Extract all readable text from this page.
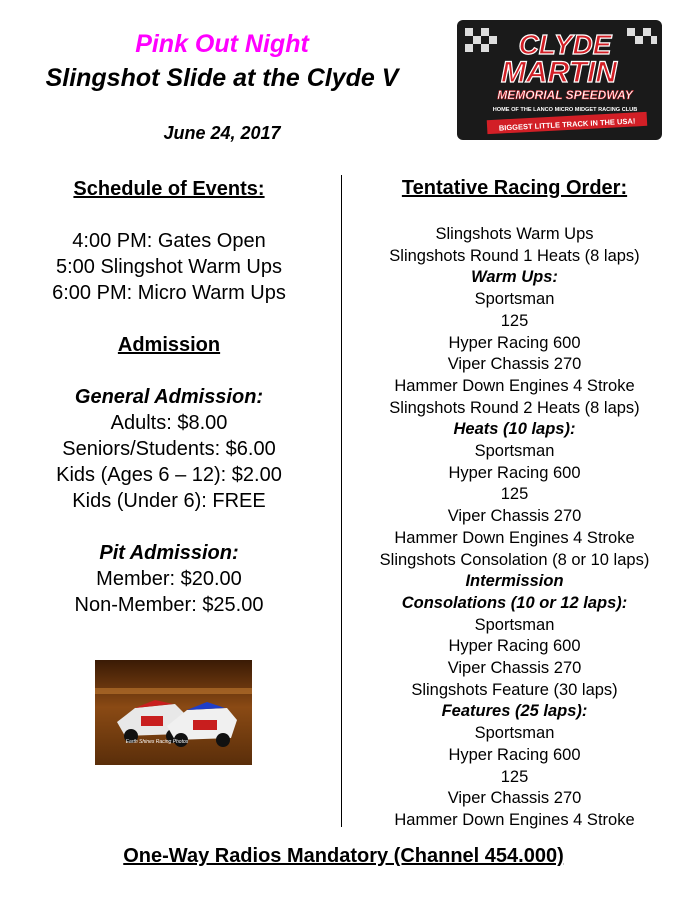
Pink Out Night
Slingshot Slide at the Clyde V
June 24, 2017
CLYDE
MARTIN
MEMORIAL SPEEDWAY
HOME OF THE LANCO MICRO MIDGET RACING CLUB
BIGGEST LITTLE TRACK IN THE USA!
Schedule of Events:
4:00 PM: Gates Open
5:00 Slingshot Warm Ups
6:00 PM: Micro Warm Ups
Admission
General Admission:
Adults: $8.00
Seniors/Students: $6.00
Kids (Ages 6 – 12): $2.00
Kids (Under 6): FREE
Pit Admission:
Member: $20.00
Non-Member: $25.00
Earth Shines Racing Photos
Tentative Racing Order:
Slingshots Warm Ups
Slingshots Round 1 Heats (8 laps)
Warm Ups:
Sportsman
125
Hyper Racing 600
Viper Chassis 270
Hammer Down Engines 4 Stroke
Slingshots Round 2 Heats (8 laps)
Heats (10 laps):
Sportsman
Hyper Racing 600
125
Viper Chassis 270
Hammer Down Engines 4 Stroke
Slingshots Consolation (8 or 10 laps)
Intermission
Consolations (10 or 12 laps):
Sportsman
Hyper Racing 600
Viper Chassis 270
Slingshots Feature (30 laps)
Features (25 laps):
Sportsman
Hyper Racing 600
125
Viper Chassis 270
Hammer Down Engines 4 Stroke
One-Way Radios Mandatory (Channel 454.000)
